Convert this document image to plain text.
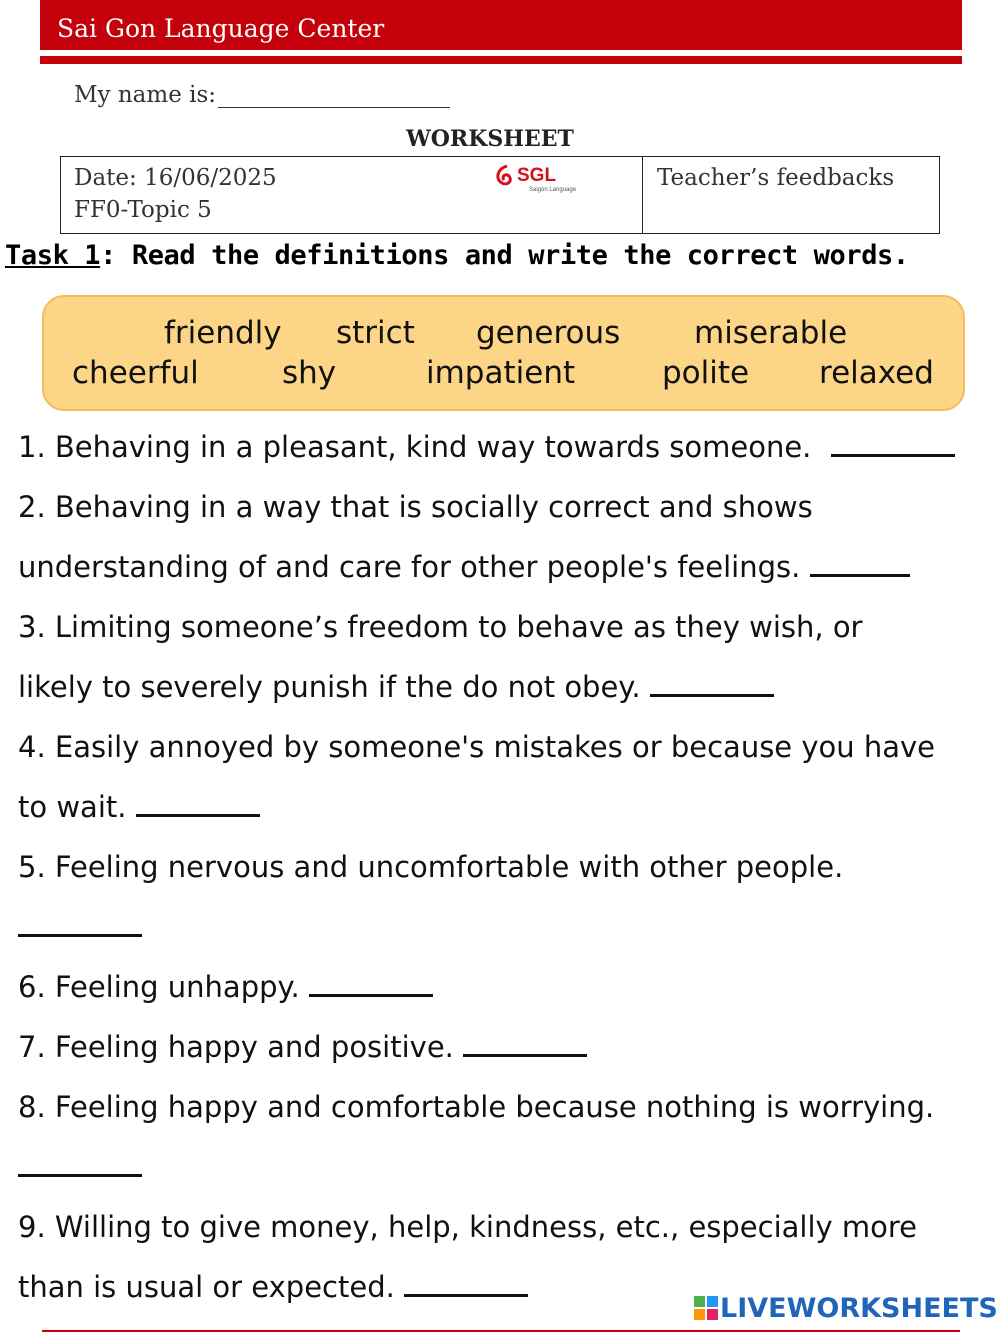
Sai Gon Language Center
My name is:
WORKSHEET
Date: 16/06/2025
FF0-Topic 5
SGL
Saigon Language	Teacher’s feedbacks
Task 1: Read the definitions and write the correct words.
friendly strict generous miserable
cheerful	shy	impatient	polite relaxed
1. Behaving in a pleasant, kind way towards someone.
2. Behaving in a way that is socially correct and shows
understanding of and care for other people's feelings.
3. Limiting someone’s freedom to behave as they wish, or
likely to severely punish if the do not obey.
4. Easily annoyed by someone's mistakes or because you have
to wait.
5. Feeling nervous and uncomfortable with other people.
6. Feeling unhappy.
7. Feeling happy and positive.
8. Feeling happy and comfortable because nothing is worrying.
9. Willing to give money, help, kindness, etc., especially more
than is usual or expected.
LIVEWORKSHEETS
